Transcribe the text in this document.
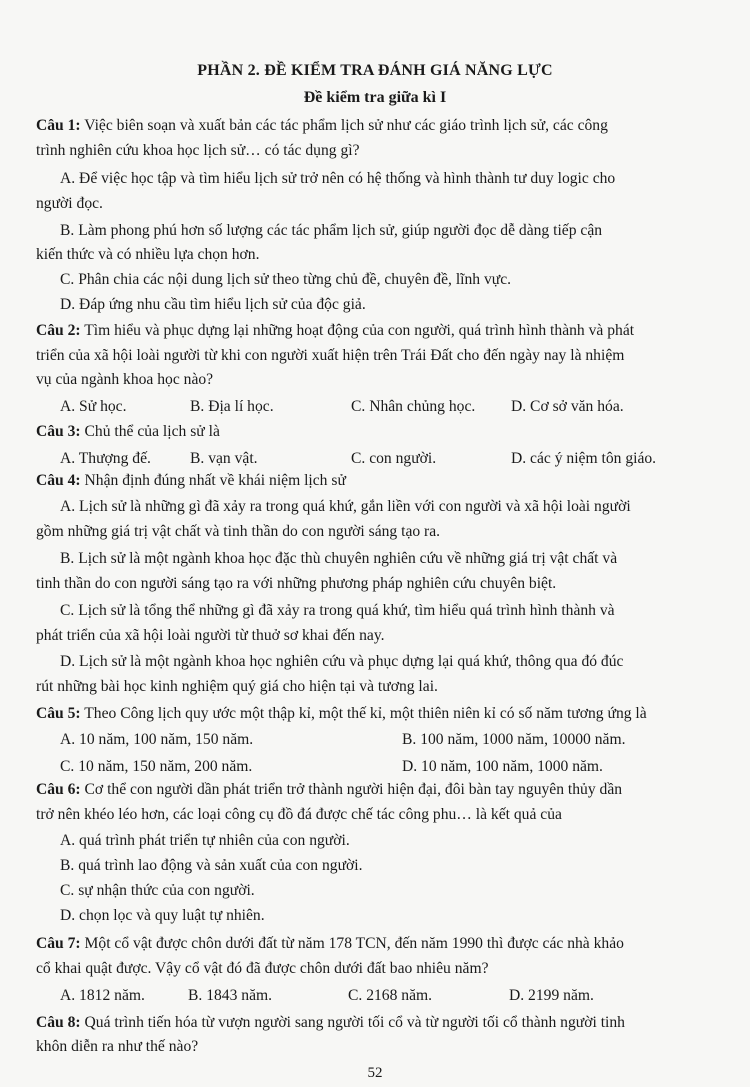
PHẦN 2. ĐỀ KIỂM TRA ĐÁNH GIÁ NĂNG LỰC
Đề kiểm tra giữa kì I
Câu 1: Việc biên soạn và xuất bản các tác phẩm lịch sử như các giáo trình lịch sử, các công
trình nghiên cứu khoa học lịch sử… có tác dụng gì?
A. Để việc học tập và tìm hiểu lịch sử trở nên có hệ thống và hình thành tư duy logic cho
người đọc.
B. Làm phong phú hơn số lượng các tác phẩm lịch sử, giúp người đọc dễ dàng tiếp cận
kiến thức và có nhiều lựa chọn hơn.
C. Phân chia các nội dung lịch sử theo từng chủ đề, chuyên đề, lĩnh vực.
D. Đáp ứng nhu cầu tìm hiểu lịch sử của độc giả.
Câu 2: Tìm hiểu và phục dựng lại những hoạt động của con người, quá trình hình thành và phát
triển của xã hội loài người từ khi con người xuất hiện trên Trái Đất cho đến ngày nay là nhiệm
vụ của ngành khoa học nào?
A. Sử học.	B. Địa lí học.	C. Nhân chủng học. D. Cơ sở văn hóa.
Câu 3: Chủ thể của lịch sử là
A. Thượng đế.	B. vạn vật.	C. con người.	D. các ý niệm tôn giáo.
Câu 4: Nhận định đúng nhất về khái niệm lịch sử
A. Lịch sử là những gì đã xảy ra trong quá khứ, gắn liền với con người và xã hội loài người
gồm những giá trị vật chất và tinh thần do con người sáng tạo ra.
B. Lịch sử là một ngành khoa học đặc thù chuyên nghiên cứu về những giá trị vật chất và
tinh thần do con người sáng tạo ra với những phương pháp nghiên cứu chuyên biệt.
C. Lịch sử là tổng thể những gì đã xảy ra trong quá khứ, tìm hiểu quá trình hình thành và
phát triển của xã hội loài người từ thuở sơ khai đến nay.
D. Lịch sử là một ngành khoa học nghiên cứu và phục dựng lại quá khứ, thông qua đó đúc
rút những bài học kinh nghiệm quý giá cho hiện tại và tương lai.
Câu 5: Theo Công lịch quy ước một thập kỉ, một thế kỉ, một thiên niên kỉ có số năm tương ứng là
A. 10 năm, 100 năm, 150 năm.	B. 100 năm, 1000 năm, 10000 năm.
C. 10 năm, 150 năm, 200 năm.	D. 10 năm, 100 năm, 1000 năm.
Câu 6: Cơ thể con người dần phát triển trở thành người hiện đại, đôi bàn tay nguyên thủy dần
trở nên khéo léo hơn, các loại công cụ đồ đá được chế tác công phu… là kết quả của
A. quá trình phát triển tự nhiên của con người.
B. quá trình lao động và sản xuất của con người.
C. sự nhận thức của con người.
D. chọn lọc và quy luật tự nhiên.
Câu 7: Một cổ vật được chôn dưới đất từ năm 178 TCN, đến năm 1990 thì được các nhà khảo
cổ khai quật được. Vậy cổ vật đó đã được chôn dưới đất bao nhiêu năm?
A. 1812 năm.	B. 1843 năm.	C. 2168 năm.	D. 2199 năm.
Câu 8: Quá trình tiến hóa từ vượn người sang người tối cổ và từ người tối cổ thành người tinh
khôn diễn ra như thế nào?
52
